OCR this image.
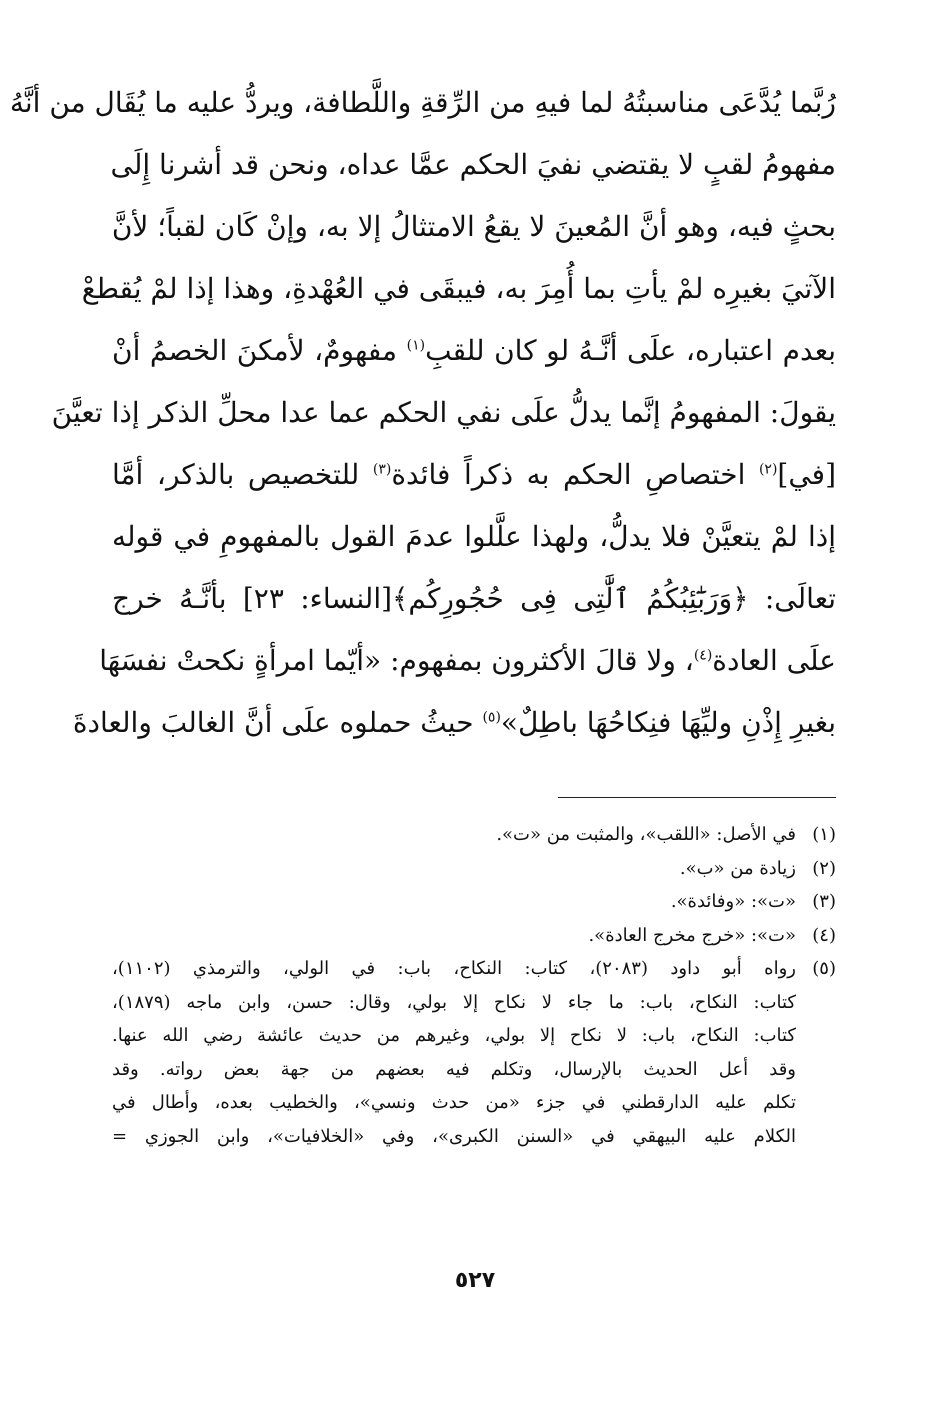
رُبَّما يُدَّعَى مناسبتُهُ لما فيهِ من الرِّقةِ واللَّطافة، ويردُّ عليه ما يُقَال من أنَّهُ
مفهومُ لقبٍ لا يقتضي نفيَ الحكم عمَّا عداه، ونحن قد أشرنا إِلَى
بحثٍ فيه، وهو أنَّ المُعينَ لا يقعُ الامتثالُ إلا به، وإنْ كَان لقباً؛ لأنَّ
الآتيَ بغيرِه لمْ يأتِ بما أُمِرَ به، فيبقَى في العُهْدةِ، وهذا إذا لمْ يُقطعْ
بعدم اعتباره، علَى أنَّـهُ لو كان للقبِ$^{(١)}$ مفهومٌ، لأمكنَ الخصمُ أنْ
يقولَ: المفهومُ إنَّما يدلُّ علَى نفي الحكم عما عدا محلِّ الذكر إذا تعيَّنَ
[في]$^{(٢)}$ اختصاصِ الحكم به ذكراً فائدة$^{(٣)}$ للتخصيص بالذكر، أمَّا
إذا لمْ يتعيَّنْ فلا يدلُّ، ولهذا علَّلوا عدمَ القول بالمفهومِ في قوله
تعالَى: ﴿وَرَبَٰٓئِبُكُمُ ٱلَّٰتِى فِى حُجُورِكُم﴾[النساء: ٢٣] بأنَّـهُ خرج
علَى العادة$^{(٤)}$، ولا قالَ الأكثرون بمفهوم: «أيّما امرأةٍ نكحتْ نفسَهَا
بغيرِ إِذْنِ وليِّهَا فنِكاحُهَا باطِلٌ»$^{(٥)}$ حيثُ حملوه علَى أنَّ الغالبَ والعادةَ
(١)
في الأصل: «اللقب»، والمثبت من «ت».
(٢)
زيادة من «ب».
(٣)
«ت»: «وفائدة».
(٤)
«ت»: «خرج مخرج العادة».
(٥)
رواه أبو داود (٢٠٨٣)، كتاب: النكاح، باب: في الولي، والترمذي (١١٠٢)،
كتاب: النكاح، باب: ما جاء لا نكاح إلا بولي، وقال: حسن، وابن ماجه (١٨٧٩)،
كتاب: النكاح، باب: لا نكاح إلا بولي، وغيرهم من حديث عائشة رضي الله عنها.
وقد أعل الحديث بالإرسال، وتكلم فيه بعضهم من جهة بعض رواته. وقد
تكلم عليه الدارقطني في جزء «من حدث ونسي»، والخطيب بعده، وأطال في
الكلام عليه البيهقي في «السنن الكبرى»، وفي «الخلافيات»، وابن الجوزي =
٥٢٧
